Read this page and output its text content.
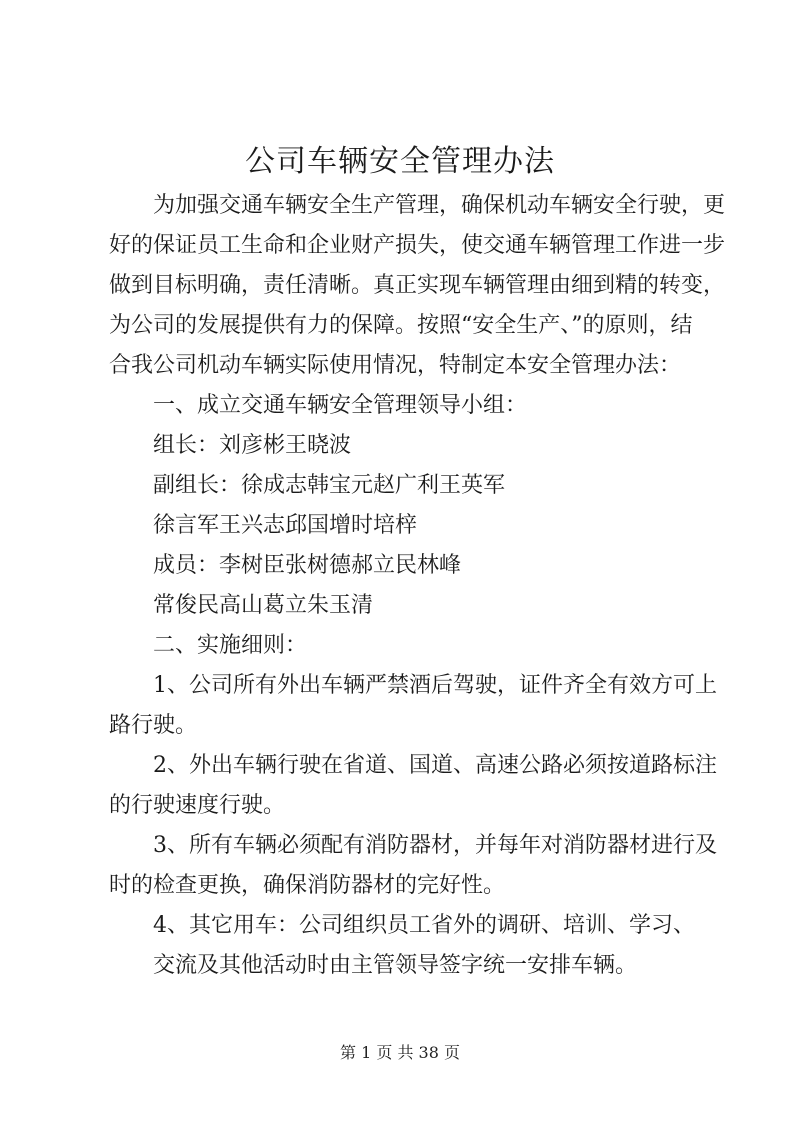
公司车辆安全管理办法
为加强交通车辆安全生产管理，确保机动车辆安全行驶，更
好的保证员工生命和企业财产损失，使交通车辆管理工作进一步
做到目标明确，责任清晰。真正实现车辆管理由细到精的转变，
为公司的发展提供有力的保障。按照“安全生产、”的原则，结
合我公司机动车辆实际使用情况，特制定本安全管理办法：
一、成立交通车辆安全管理领导小组：
组长：刘彦彬王晓波
副组长：徐成志韩宝元赵广利王英军
徐言军王兴志邱国增时培梓
成员：李树臣张树德郝立民林峰
常俊民高山葛立朱玉清
二、实施细则：
1、公司所有外出车辆严禁酒后驾驶，证件齐全有效方可上
路行驶。
2、外出车辆行驶在省道、国道、高速公路必须按道路标注
的行驶速度行驶。
3、所有车辆必须配有消防器材，并每年对消防器材进行及
时的检查更换，确保消防器材的完好性。
4、其它用车：公司组织员工省外的调研、培训、学习、
交流及其他活动时由主管领导签字统一安排车辆。
第 1 页 共 38 页
